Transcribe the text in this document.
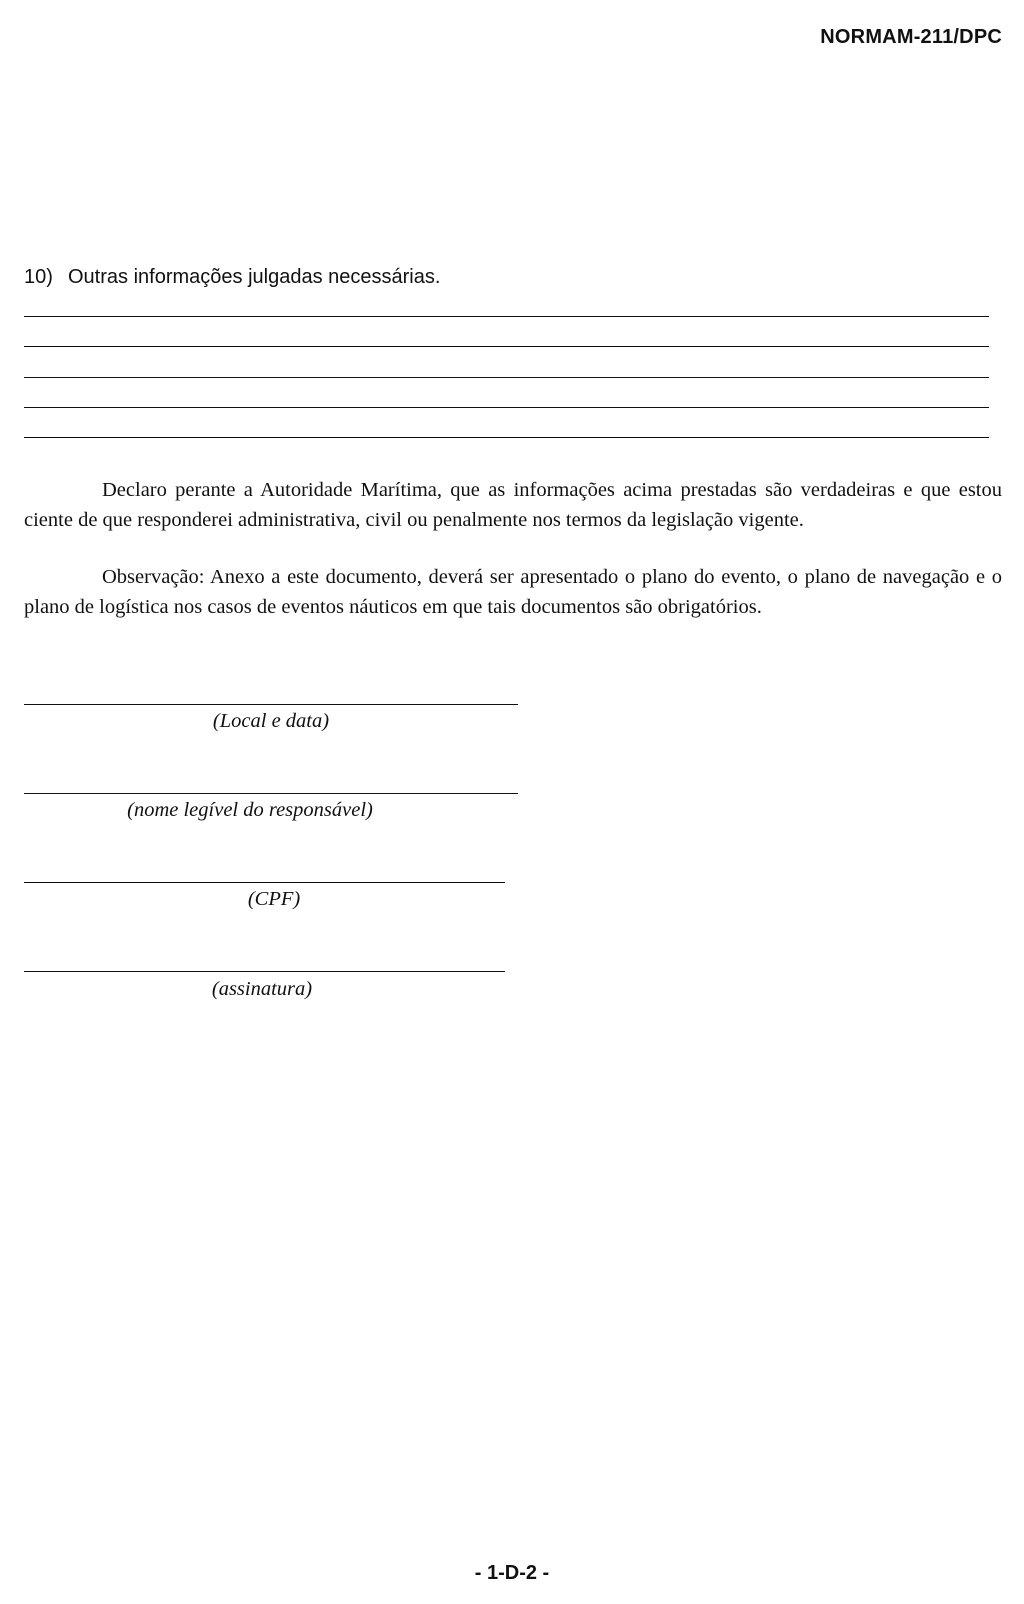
NORMAM-211/DPC
10) Outras informações julgadas necessárias.

Declaro perante a Autoridade Marítima, que as informações acima prestadas são verdadeiras e que estou ciente de que responderei administrativa, civil ou penalmente nos termos da legislação vigente.

Observação: Anexo a este documento, deverá ser apresentado o plano do evento, o plano de navegação e o plano de logística nos casos de eventos náuticos em que tais documentos são obrigatórios.

(Local e data)
(nome legível do responsável)
(CPF)
(assinatura)
- 1-D-2 -
